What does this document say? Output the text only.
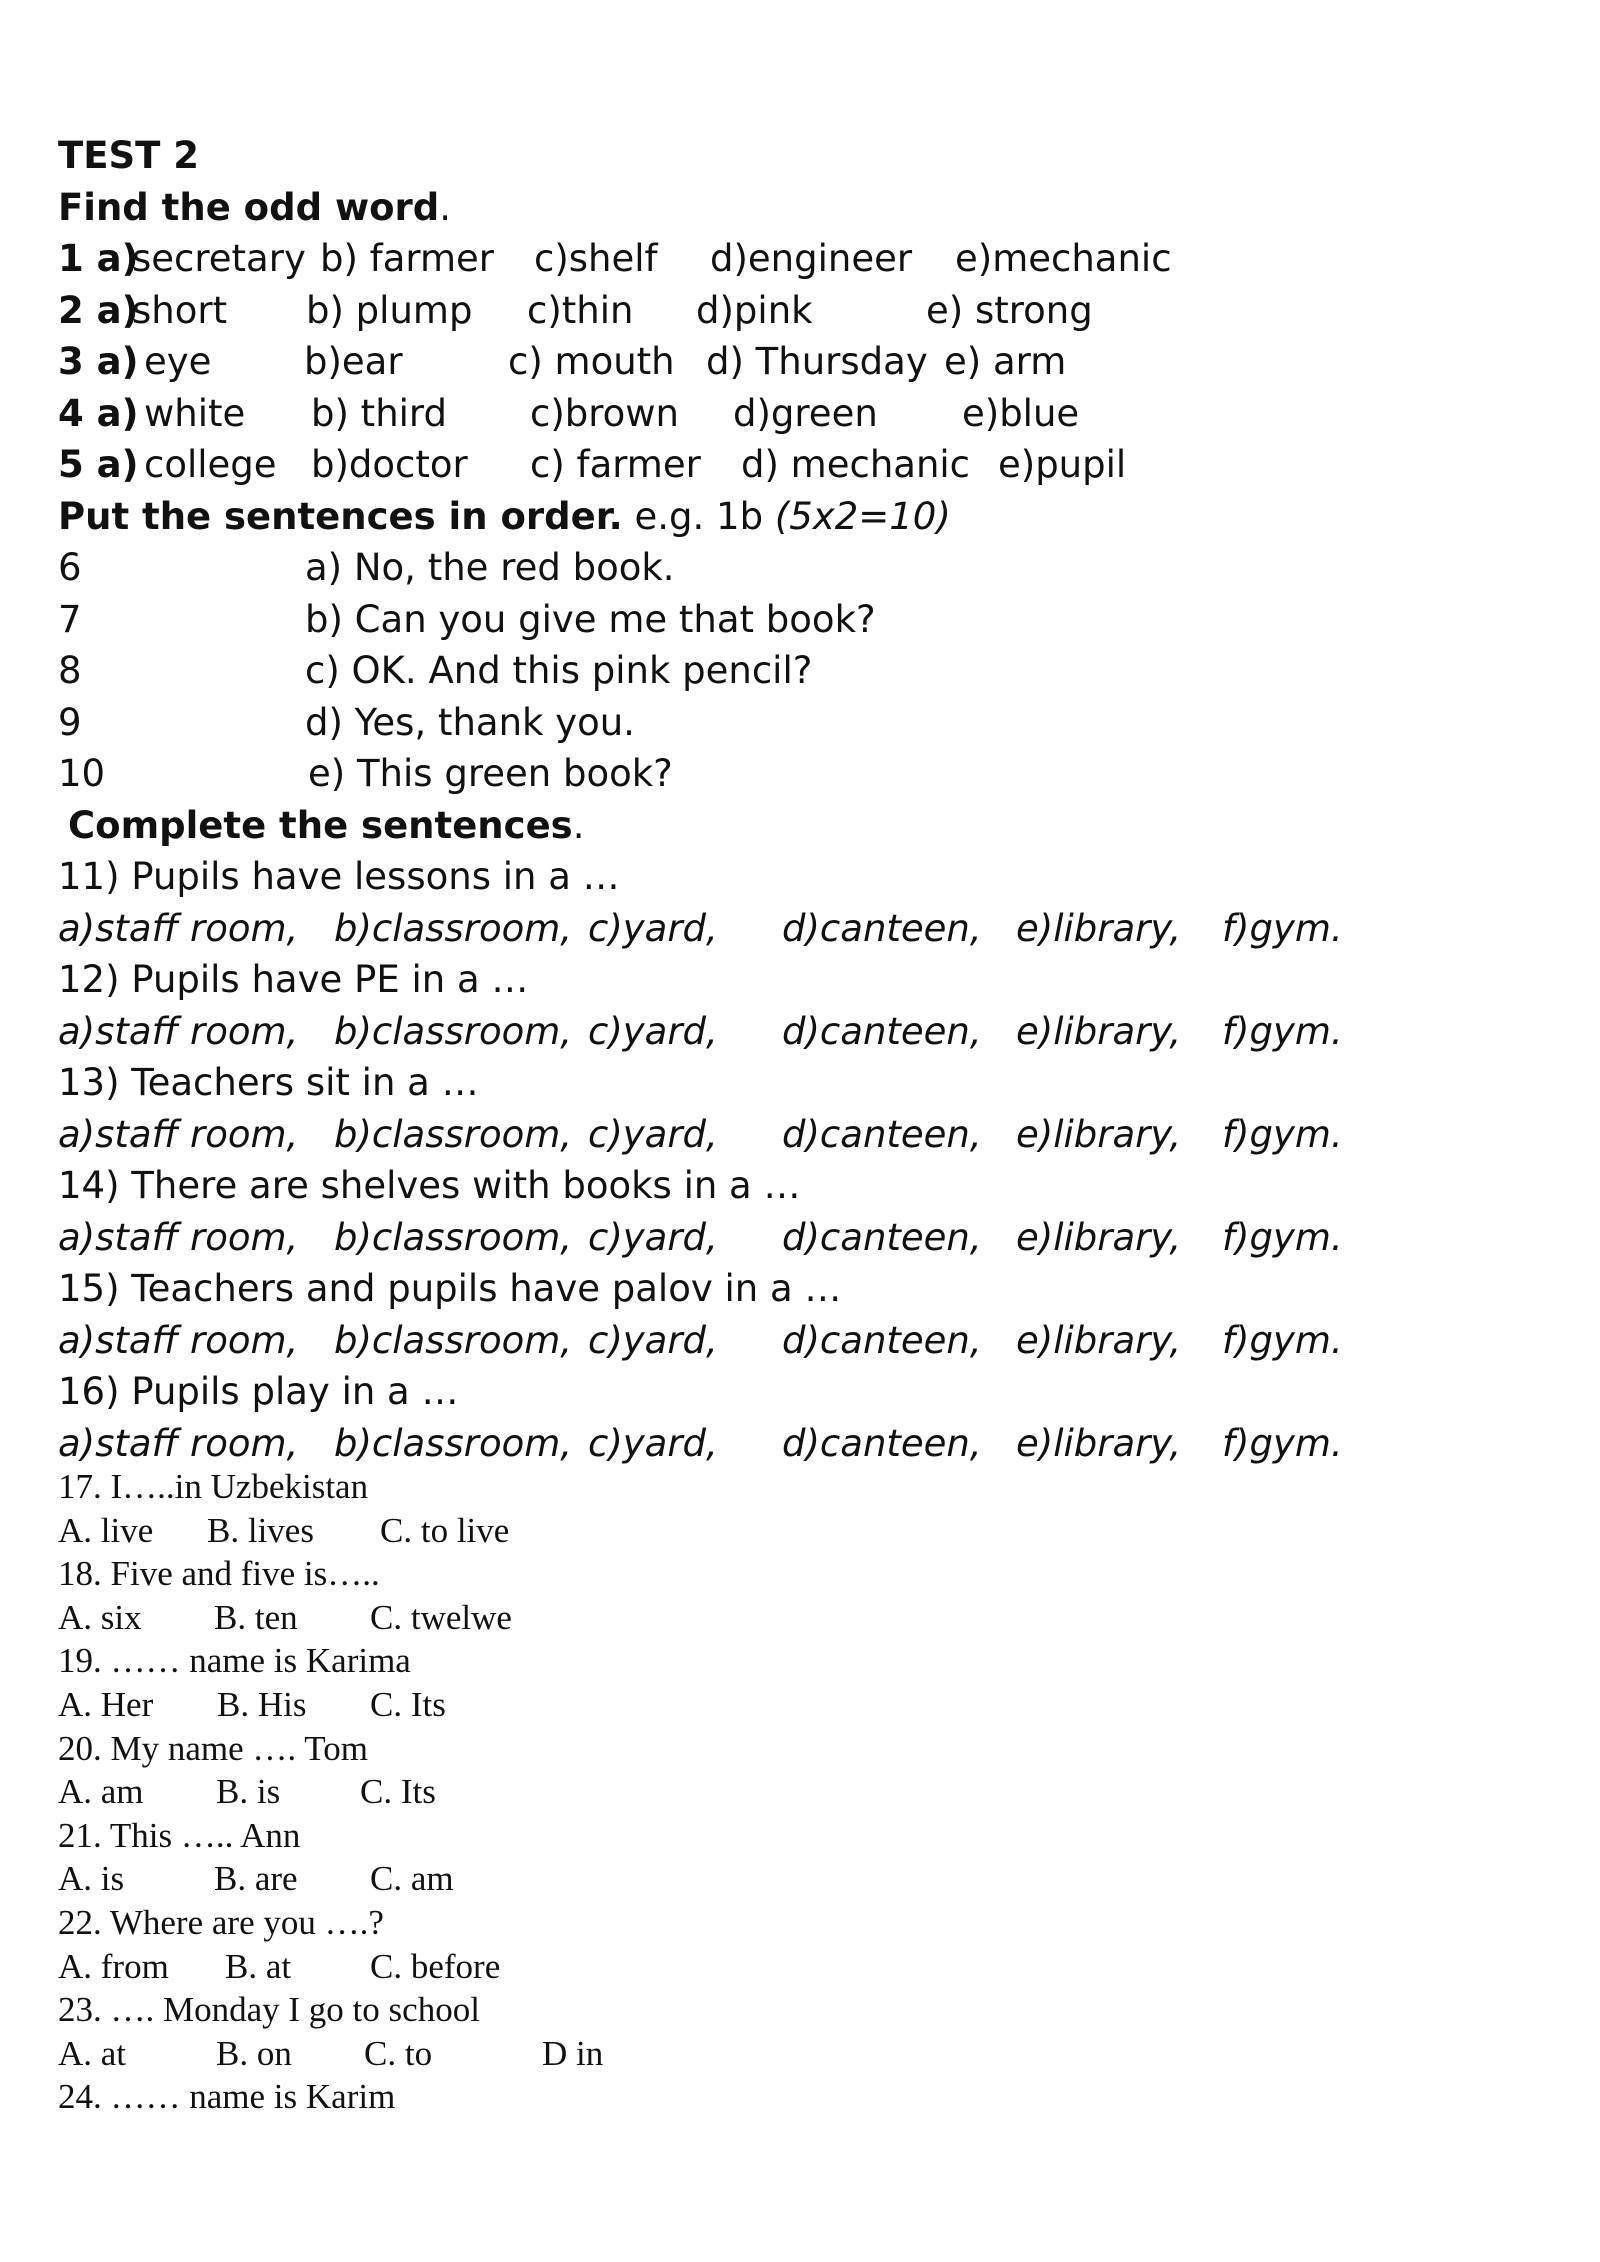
TEST 2
Find the odd word.
1 a)
secretary b) farmer c)shelf d)engineer e)mechanic
2 a)
short b) plump c)thin d)pink	e) strong
3 a) eye	b)ear	c) mouth d) Thursday e) arm
4 a) white b) third c)brown d)green e)blue
5 a) college b)doctor c) farmer d) mechanic e)pupil
Put the sentences in order. e.g. 1b (5x2=10)
6	a) No, the red book.
7	b) Can you give me that book?
8	c) OK. And this pink pencil?
9	d) Yes, thank you.
10	e) This green book?
Complete the sentences.
11) Pupils have lessons in a …
a)staff room, b)classroom, c)yard, d)canteen, e)library, f)gym.
12) Pupils have PE in a …
a)staff room, b)classroom, c)yard, d)canteen, e)library, f)gym.
13) Teachers sit in a …
a)staff room, b)classroom, c)yard, d)canteen, e)library, f)gym.
14) There are shelves with books in a …
a)staff room, b)classroom, c)yard, d)canteen, e)library, f)gym.
15) Teachers and pupils have palov in a …
a)staff room, b)classroom, c)yard, d)canteen, e)library, f)gym.
16) Pupils play in a …
a)staff room, b)classroom, c)yard, d)canteen, e)library, f)gym.
17. I…..in Uzbekistan
A. live B. lives C. to live
18. Five and five is…..
A. six B. ten C. twelwe
19. …… name is Karima
A. Her B. His C. Its
20. My name …. Tom
A. am B. is C. Its
21. This ….. Ann
A. is	B. are C. am
22. Where are you ….?
A. from B. at C. before
23. …. Monday I go to school
A. at	B. on C. to	D in
24. …… name is Karim
